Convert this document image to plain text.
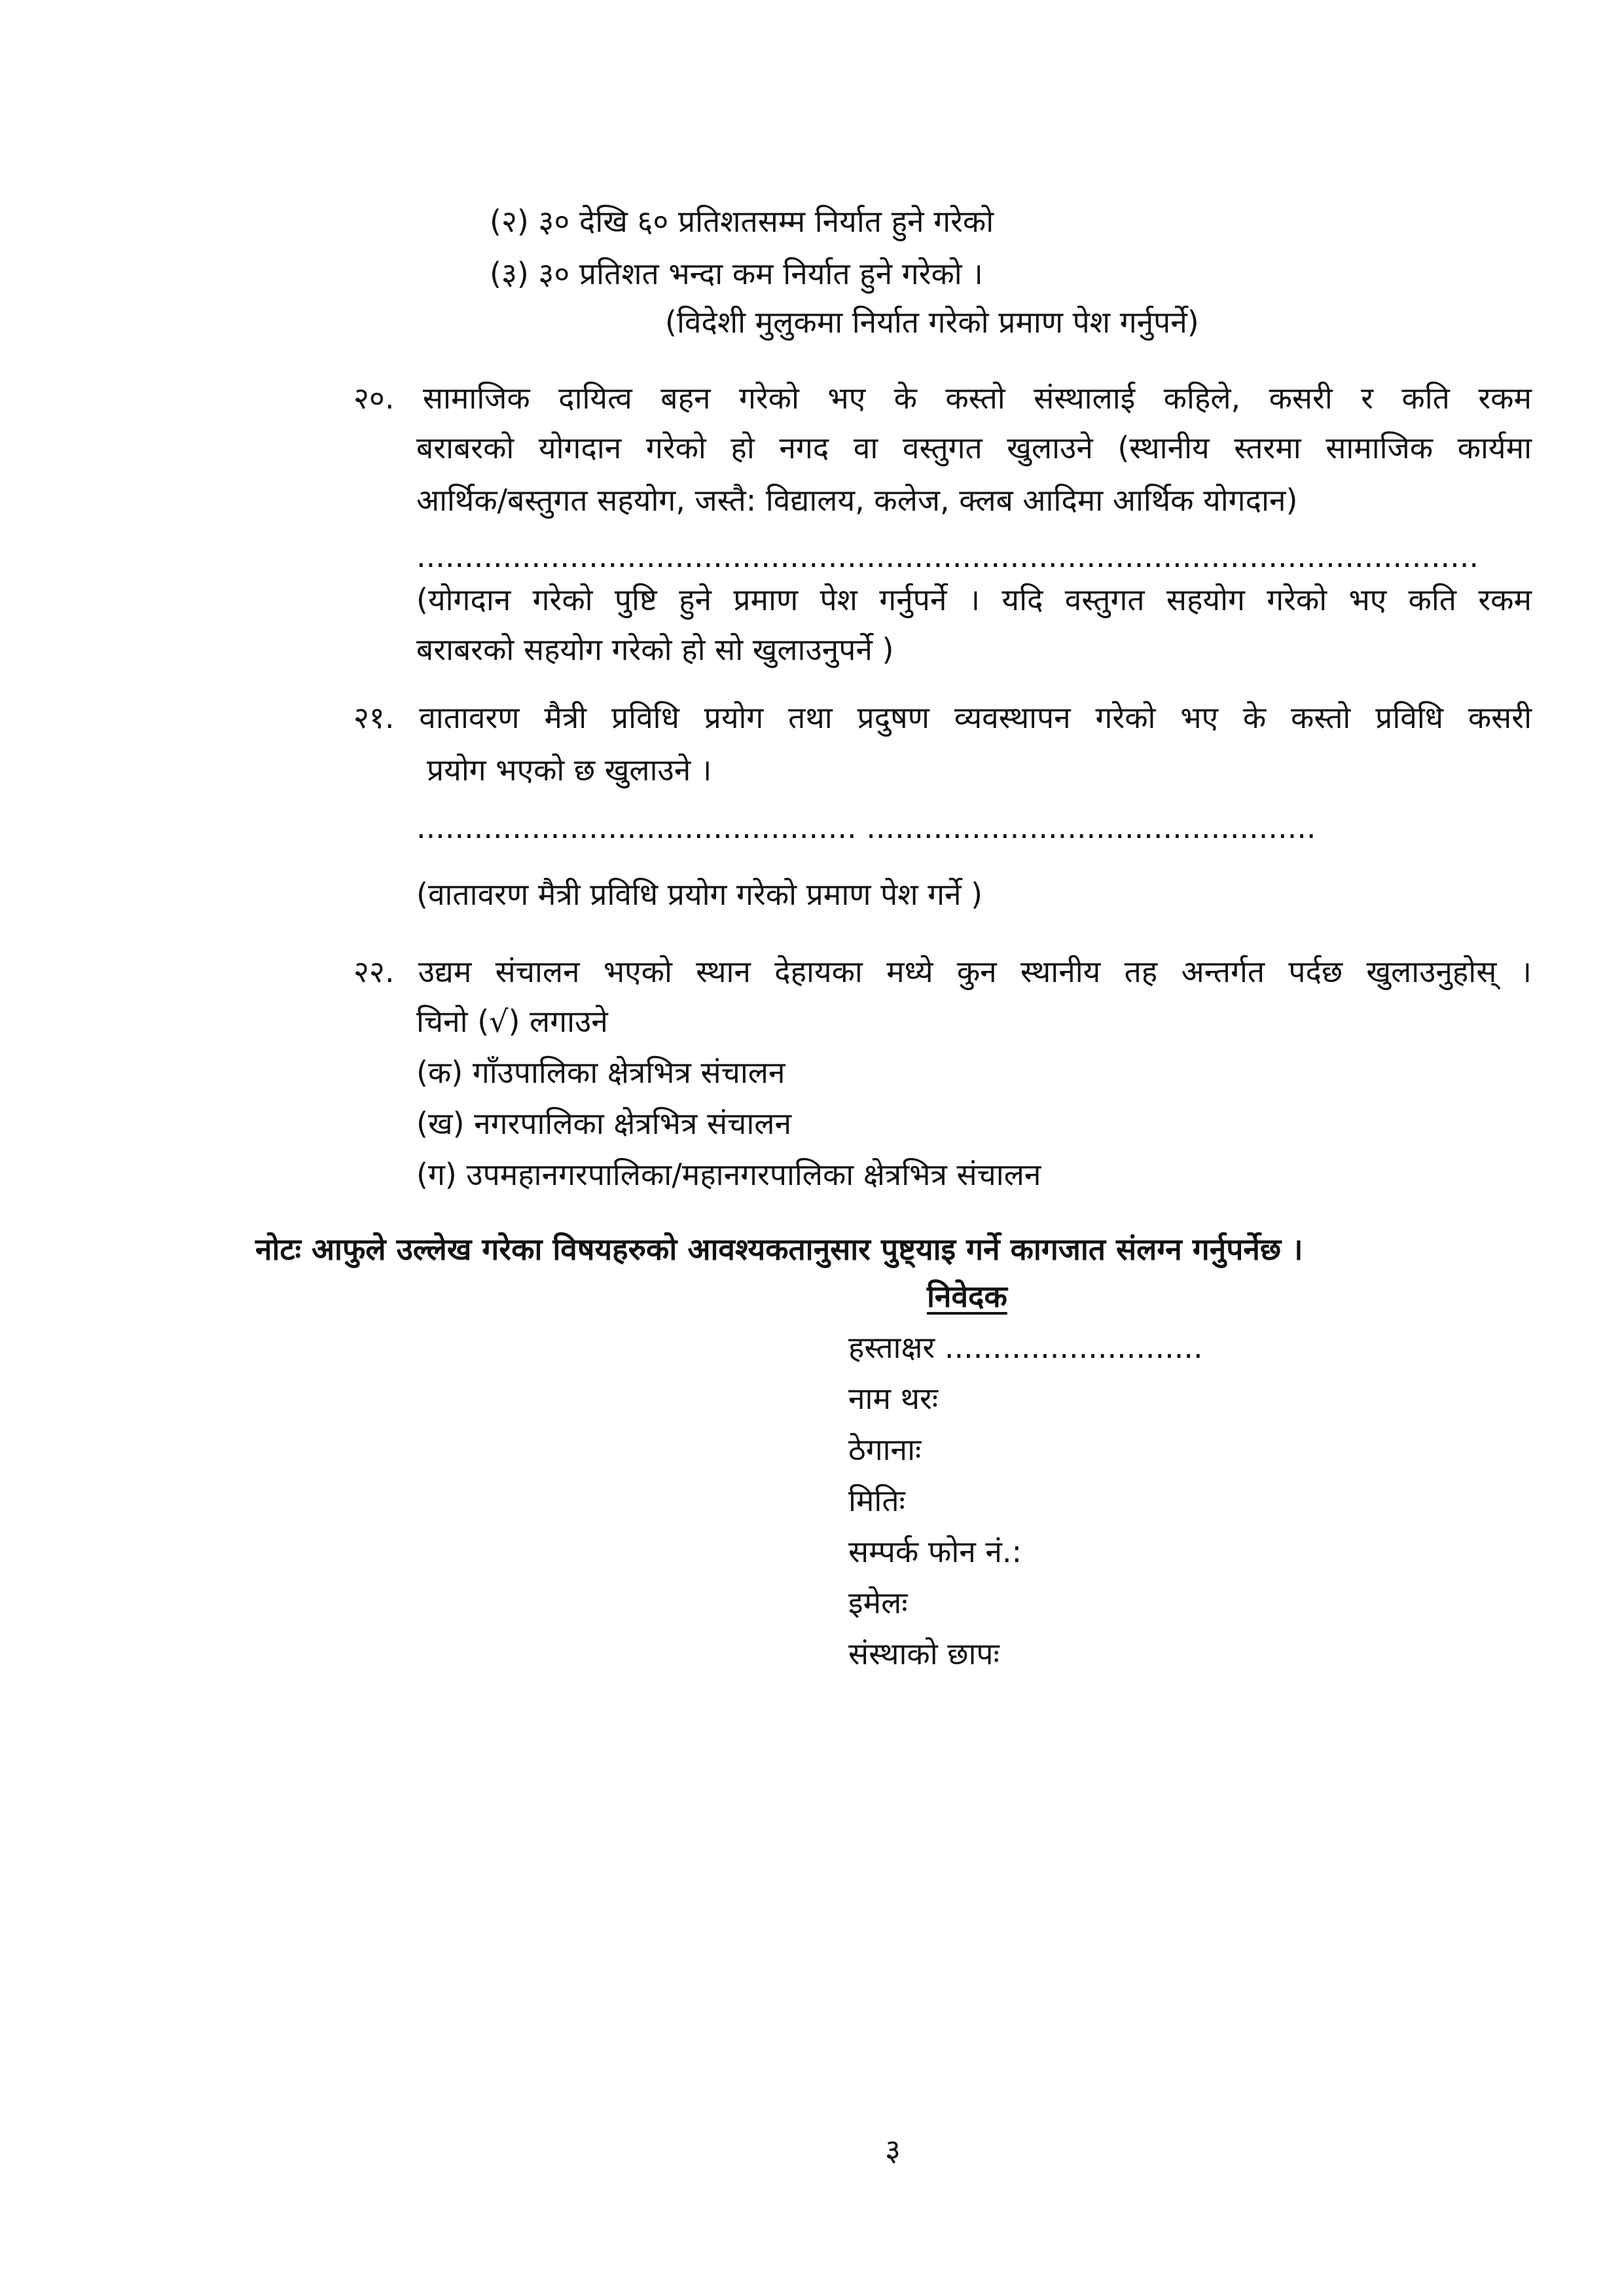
(२) ३० देखि ६० प्रतिशतसम्म निर्यात हुने गरेको
(३) ३० प्रतिशत भन्दा कम निर्यात हुने गरेको ।
(विदेशी मुलुकमा निर्यात गरेको प्रमाण पेश गर्नुपर्ने)
२०. सामाजिक दायित्व बहन गरेको भए के कस्तो संस्थालाई कहिले, कसरी र कति रकम
बराबरको योगदान गरेको हो नगद वा वस्तुगत खुलाउने (स्थानीय स्तरमा सामाजिक कार्यमा
आर्थिक/बस्तुगत सहयोग, जस्तै: विद्यालय, कलेज, क्लब आदिमा आर्थिक योगदान)
...............................................................................................................
(योगदान गरेको पुष्टि हुने प्रमाण पेश गर्नुपर्ने । यदि वस्तुगत सहयोग गरेको भए कति रकम
बराबरको सहयोग गरेको हो सो खुलाउनुपर्ने )
२१. वातावरण मैत्री प्रविधि प्रयोग तथा प्रदुषण व्यवस्थापन गरेको भए के कस्तो प्रविधि कसरी
प्रयोग भएको छ खुलाउने ।
.............................................. ...............................................
(वातावरण मैत्री प्रविधि प्रयोग गरेको प्रमाण पेश गर्ने )
२२. उद्यम संचालन भएको स्थान देहायका मध्ये कुन स्थानीय तह अन्तर्गत पर्दछ खुलाउनुहोस् ।
चिनो (√) लगाउने
(क) गाँउपालिका क्षेत्रभित्र संचालन
(ख) नगरपालिका क्षेत्रभित्र संचालन
(ग) उपमहानगरपालिका/महानगरपालिका क्षेत्रभित्र संचालन
नोटः आफुले उल्लेख गरेका विषयहरुको आवश्यकतानुसार पुष्ट्याइ गर्ने कागजात संलग्न गर्नुपर्नेछ ।
निवेदक
हस्ताक्षर ...........................
नाम थरः
ठेगानाः
मितिः
सम्पर्क फोन नं.:
इमेलः
संस्थाको छापः
३
